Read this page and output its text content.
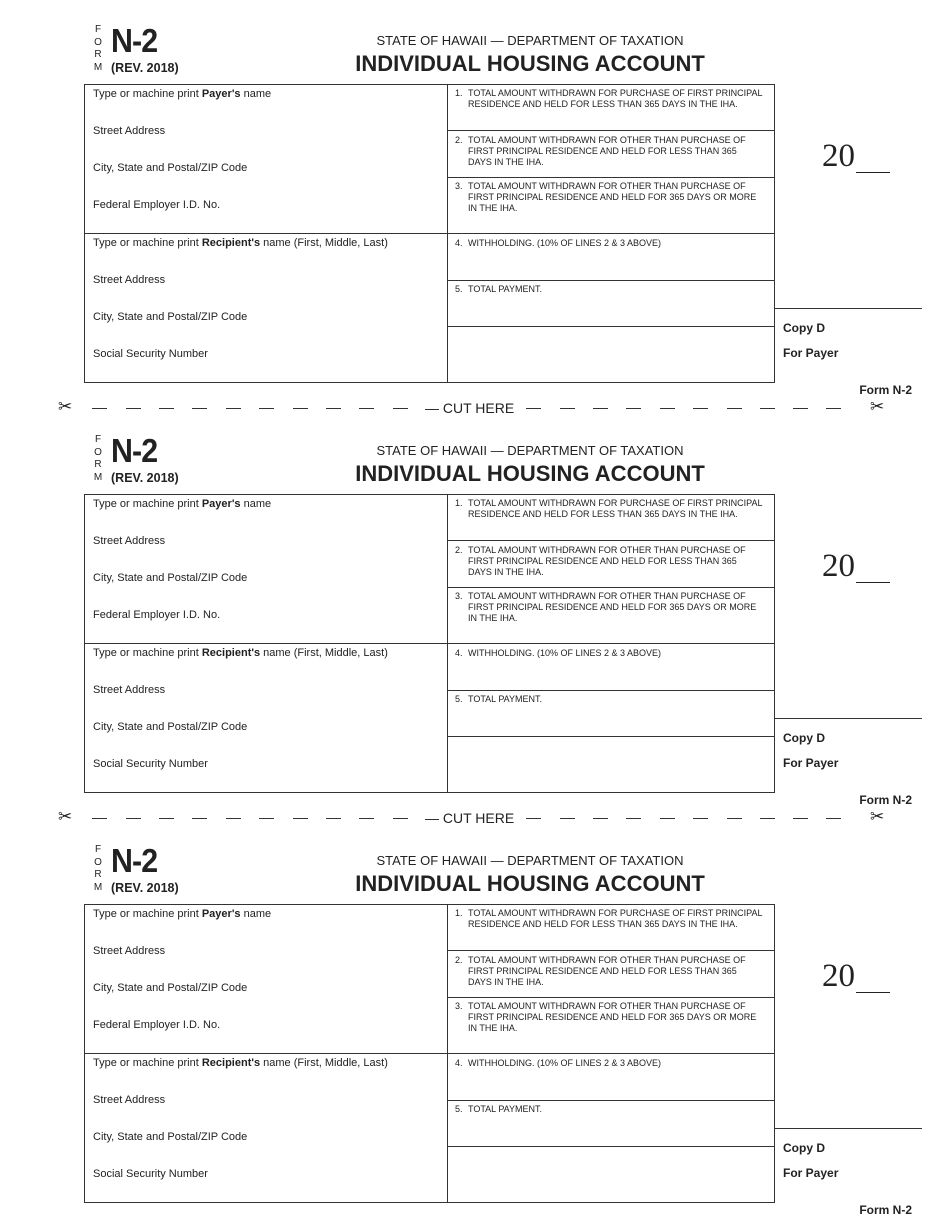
F
O
R
M
N-2
(REV. 2018)
STATE OF HAWAII — DEPARTMENT OF TAXATION
INDIVIDUAL HOUSING ACCOUNT
Type or machine print Payer's name
Street Address
City, State and Postal/ZIP Code
Federal Employer I.D. No.
Type or machine print Recipient's name (First, Middle, Last)
Street Address
City, State and Postal/ZIP Code
Social Security Number
1. TOTAL AMOUNT WITHDRAWN FOR PURCHASE OF FIRST PRINCIPAL RESIDENCE AND HELD FOR LESS THAN 365 DAYS IN THE IHA.
2. TOTAL AMOUNT WITHDRAWN FOR OTHER THAN PURCHASE OF FIRST PRINCIPAL RESIDENCE AND HELD FOR LESS THAN 365 DAYS IN THE IHA.
3. TOTAL AMOUNT WITHDRAWN FOR OTHER THAN PURCHASE OF FIRST PRINCIPAL RESIDENCE AND HELD FOR 365 DAYS OR MORE IN THE IHA.
4. WITHHOLDING. (10% OF LINES 2 & 3 ABOVE)
5. TOTAL PAYMENT.
20
Copy D
For Payer
Form N-2
✂	— CUT HERE	✂
F
O
R
M
N-2
(REV. 2018)
STATE OF HAWAII — DEPARTMENT OF TAXATION
INDIVIDUAL HOUSING ACCOUNT
Type or machine print Payer's name
Street Address
City, State and Postal/ZIP Code
Federal Employer I.D. No.
Type or machine print Recipient's name (First, Middle, Last)
Street Address
City, State and Postal/ZIP Code
Social Security Number
1. TOTAL AMOUNT WITHDRAWN FOR PURCHASE OF FIRST PRINCIPAL RESIDENCE AND HELD FOR LESS THAN 365 DAYS IN THE IHA.
2. TOTAL AMOUNT WITHDRAWN FOR OTHER THAN PURCHASE OF FIRST PRINCIPAL RESIDENCE AND HELD FOR LESS THAN 365 DAYS IN THE IHA.
3. TOTAL AMOUNT WITHDRAWN FOR OTHER THAN PURCHASE OF FIRST PRINCIPAL RESIDENCE AND HELD FOR 365 DAYS OR MORE IN THE IHA.
4. WITHHOLDING. (10% OF LINES 2 & 3 ABOVE)
5. TOTAL PAYMENT.
20
Copy D
For Payer
Form N-2
✂	— CUT HERE	✂
F
O
R
M
N-2
(REV. 2018)
STATE OF HAWAII — DEPARTMENT OF TAXATION
INDIVIDUAL HOUSING ACCOUNT
Type or machine print Payer's name
Street Address
City, State and Postal/ZIP Code
Federal Employer I.D. No.
Type or machine print Recipient's name (First, Middle, Last)
Street Address
City, State and Postal/ZIP Code
Social Security Number
1. TOTAL AMOUNT WITHDRAWN FOR PURCHASE OF FIRST PRINCIPAL RESIDENCE AND HELD FOR LESS THAN 365 DAYS IN THE IHA.
2. TOTAL AMOUNT WITHDRAWN FOR OTHER THAN PURCHASE OF FIRST PRINCIPAL RESIDENCE AND HELD FOR LESS THAN 365 DAYS IN THE IHA.
3. TOTAL AMOUNT WITHDRAWN FOR OTHER THAN PURCHASE OF FIRST PRINCIPAL RESIDENCE AND HELD FOR 365 DAYS OR MORE IN THE IHA.
4. WITHHOLDING. (10% OF LINES 2 & 3 ABOVE)
5. TOTAL PAYMENT.
20
Copy D
For Payer
Form N-2
